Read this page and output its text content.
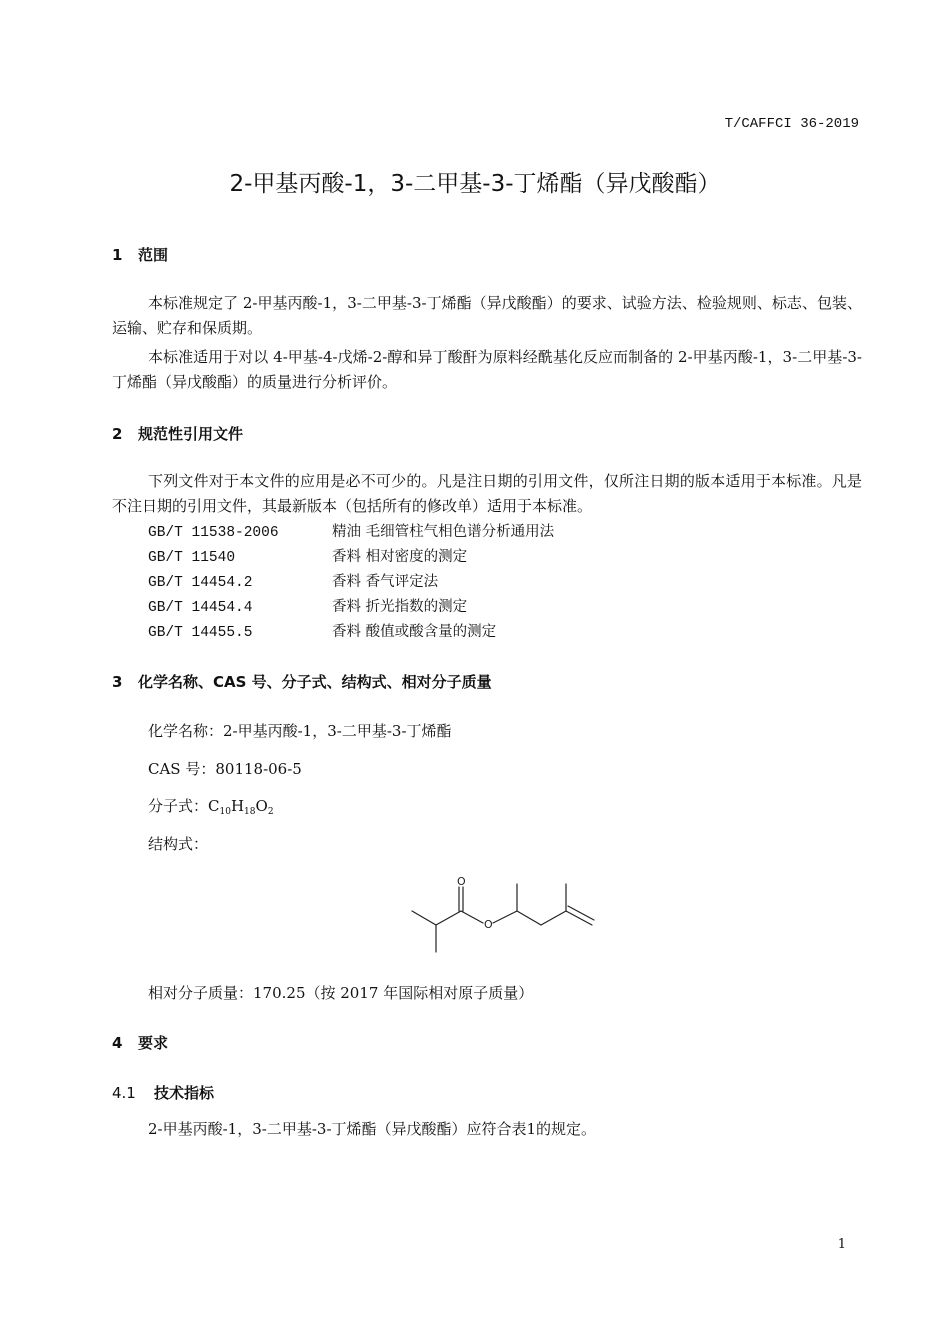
T/CAFFCI 36-2019
2-甲基丙酸-1，3-二甲基-3-丁烯酯（异戊酸酯）
1 范围
本标准规定了 2-甲基丙酸-1，3-二甲基-3-丁烯酯（异戊酸酯）的要求、试验方法、检验规则、标志、包装、运输、贮存和保质期。
本标准适用于对以 4-甲基-4-戊烯-2-醇和异丁酸酐为原料经酰基化反应而制备的 2-甲基丙酸-1，3-二甲基-3-丁烯酯（异戊酸酯）的质量进行分析评价。
2 规范性引用文件
下列文件对于本文件的应用是必不可少的。凡是注日期的引用文件，仅所注日期的版本适用于本标准。凡是不注日期的引用文件，其最新版本（包括所有的修改单）适用于本标准。
GB/T 11538-2006	精油 毛细管柱气相色谱分析通用法
GB/T 11540	香料 相对密度的测定
GB/T 14454.2	香料 香气评定法
GB/T 14454.4	香料 折光指数的测定
GB/T 14455.5	香料 酸值或酸含量的测定
3 化学名称、CAS 号、分子式、结构式、相对分子质量
化学名称：2-甲基丙酸-1，3-二甲基-3-丁烯酯
CAS 号：80118-06-5
分子式：$C_{10}H_{18}O_2$
结构式：
O
O
相对分子质量：170.25（按 2017 年国际相对原子质量）
4 要求
4.1 技术指标
2-甲基丙酸-1，3-二甲基-3-丁烯酯（异戊酸酯）应符合表1的规定。
1
